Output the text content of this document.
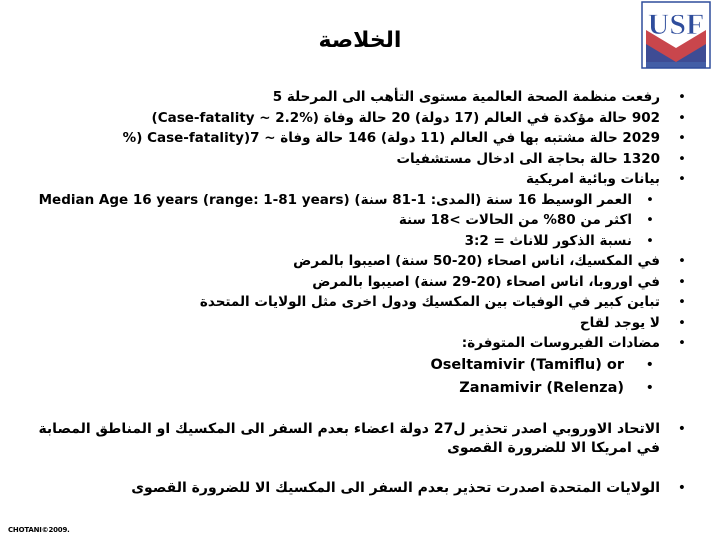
USF
الخلاصة
• رفعت منظمة الصحة العالمية مستوى التأهب الى المرحلة 5
• 902 حالة مؤكدة في العالم (17 دولة) 20 حالة وفاة (Case-fatality ~ 2.2%)
• 2029 حالة مشتبه بها في العالم (11 دولة) 146 حالة وفاة ~ Case-fatality)7 (%
• 1320 حالة بحاجة الى ادخال مستشفيات
• بيانات وبائية امريكية
• Median Age 16 years (range: 1-81 years) العمر الوسيط 16 سنة (المدى: 1-81 سنة)
• اكثر من 80% من الحالات >18 سنة
• نسبة الذكور للاناث = 3:2
• في المكسيك، اناس اصحاء (20-50 سنة) اصيبوا بالمرض
• في اوروبا، اناس اصحاء (20-29 سنة) اصيبوا بالمرض
• تباين كبير في الوفيات بين المكسيك ودول اخرى مثل الولايات المتحدة
• لا يوجد لقاح
• مضادات الفيروسات المتوفرة:
• Oseltamivir (Tamiflu) or
• Zanamivir (Relenza)
• الاتحاد الاوروبي اصدر تحذير ل27 دولة اعضاء بعدم السفر الى المكسيك او المناطق المصابة في امريكا الا للضرورة القصوى
• الولايات المتحدة اصدرت تحذير بعدم السفر الى المكسيك الا للضرورة القصوى
CHOTANI©2009.
